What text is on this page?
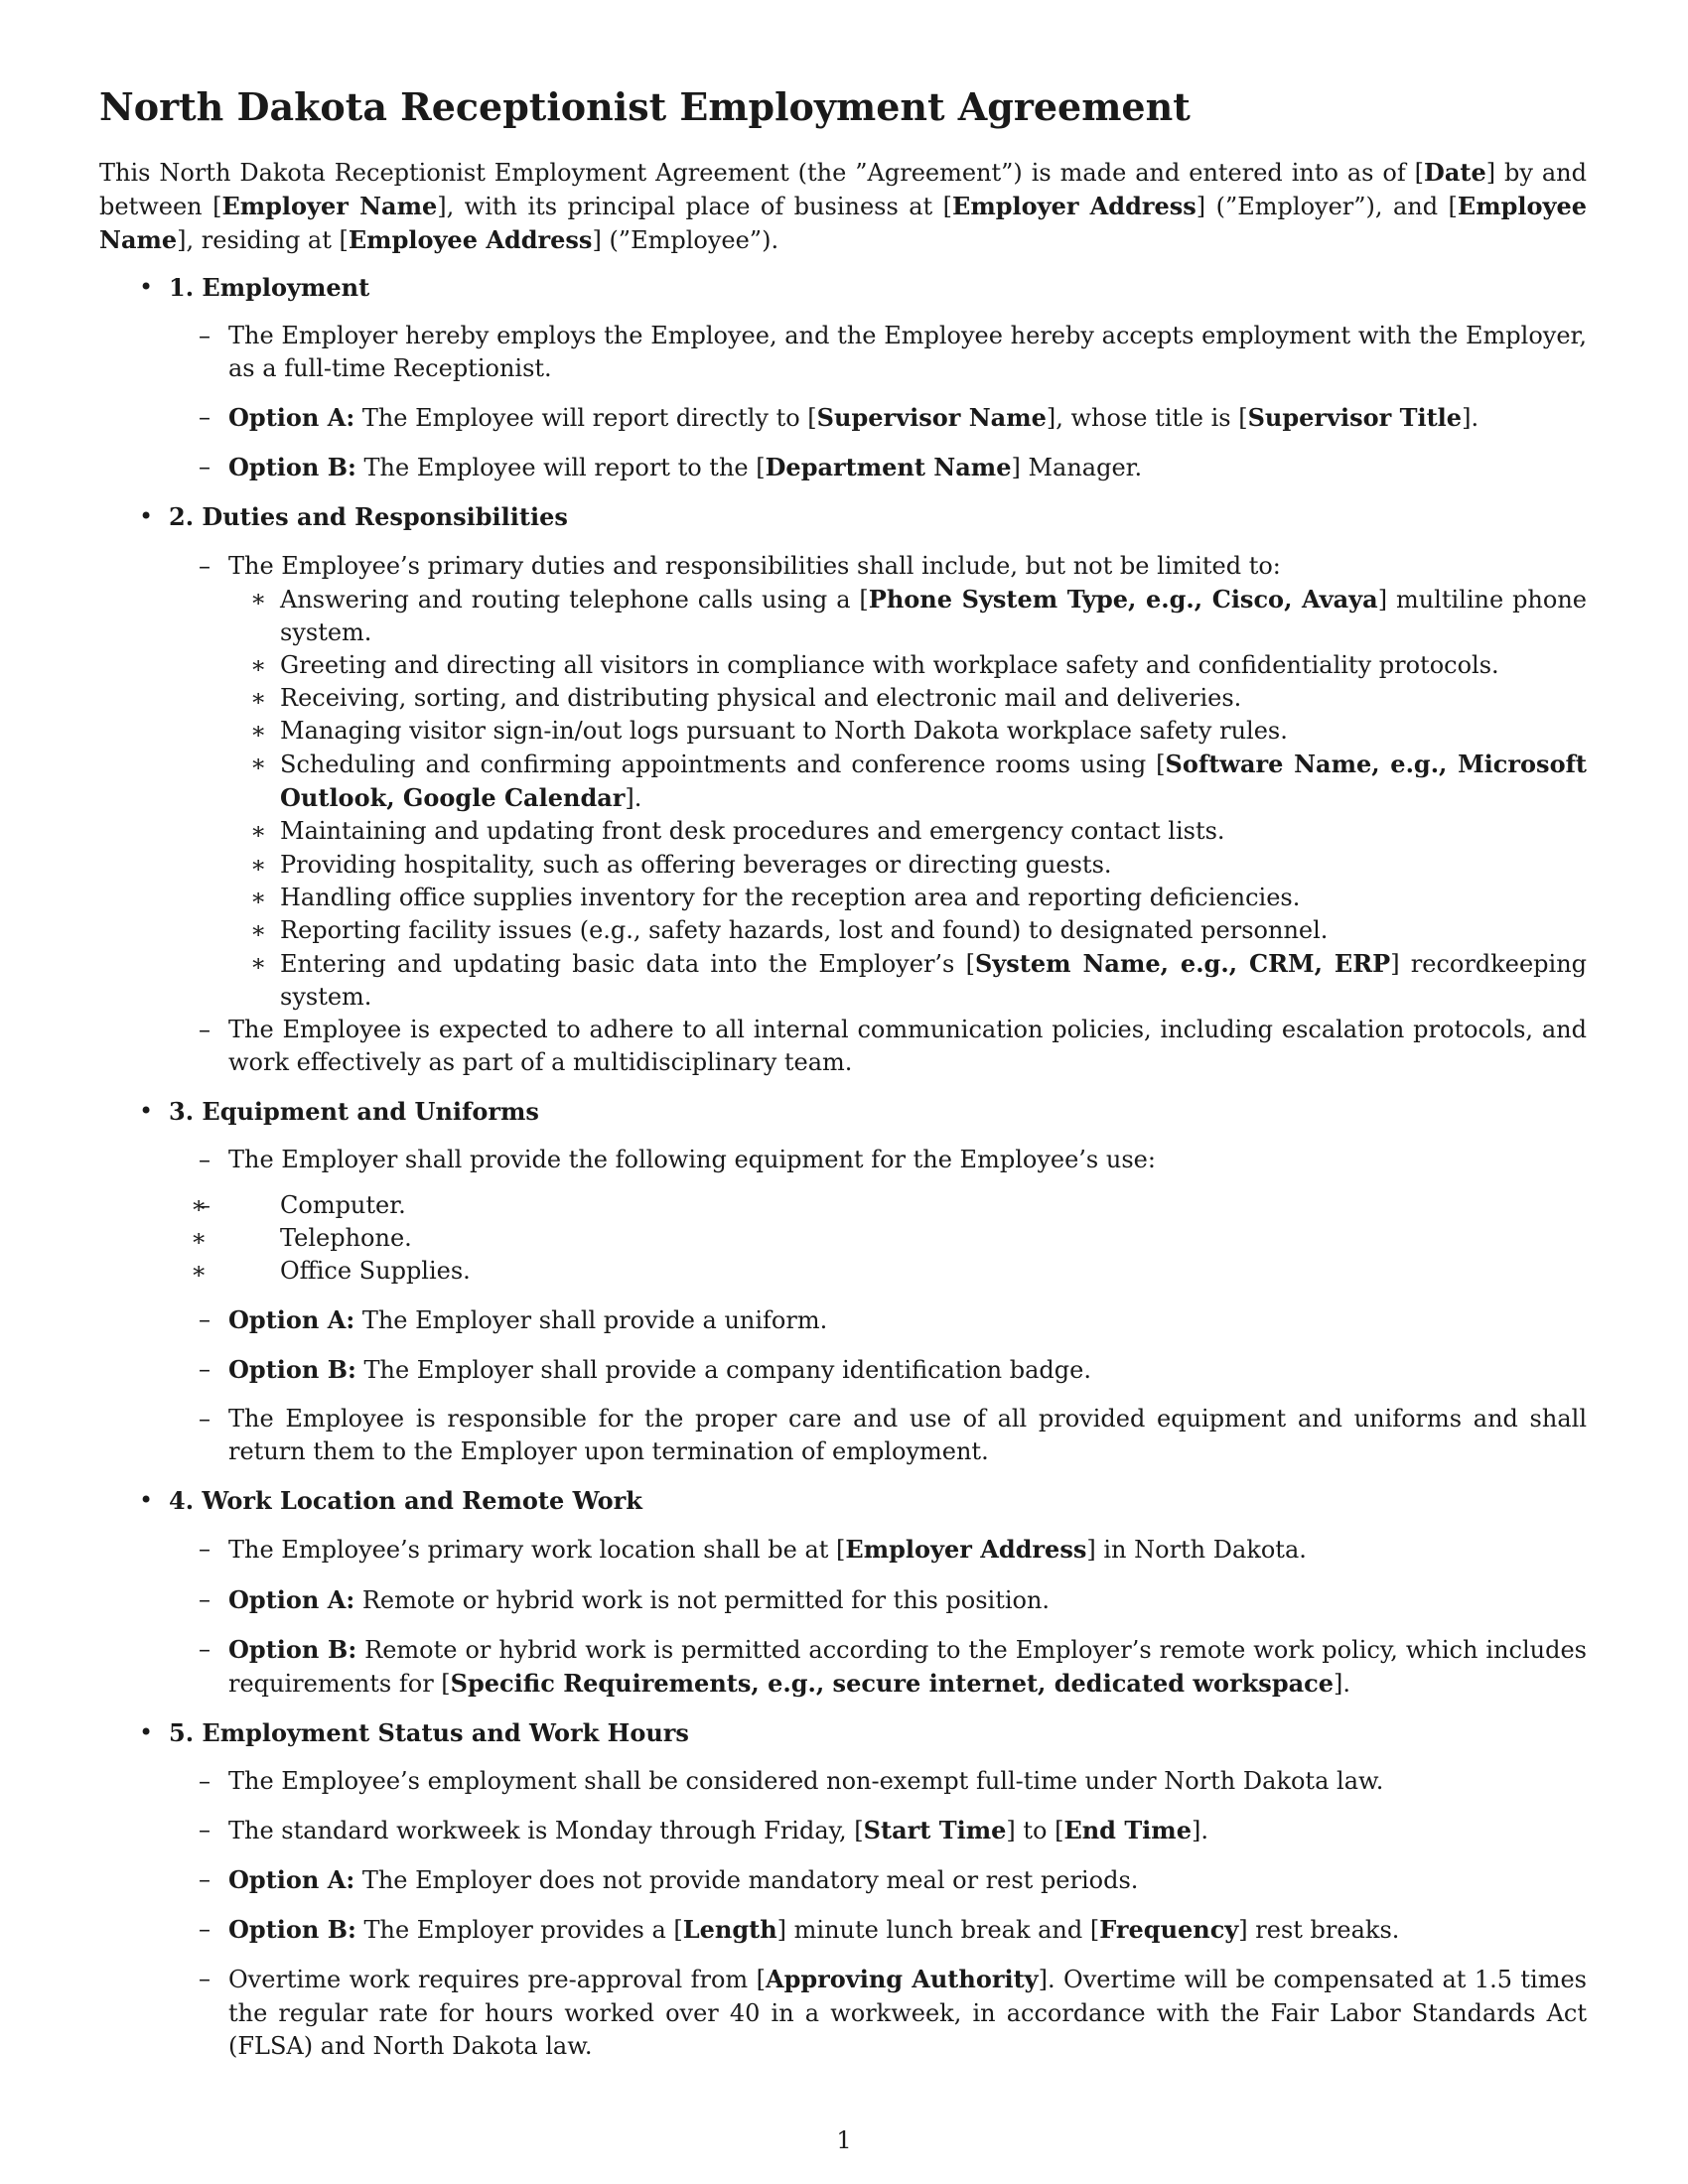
North Dakota Receptionist Employment Agreement

This North Dakota Receptionist Employment Agreement (the ”Agreement”) is made and entered into as of [Date] by and between [Employer Name], with its principal place of business at [Employer Address] (”Employer”), and [Employee Name], residing at [Employee Address] (”Employee”).

• 1. Employment
– The Employer hereby employs the Employee, and the Employee hereby accepts employment with the Employer, as a full-time Receptionist.
– Option A: The Employee will report directly to [Supervisor Name], whose title is [Supervisor Title].
– Option B: The Employee will report to the [Department Name] Manager.
• 2. Duties and Responsibilities
– The Employee’s primary duties and responsibilities shall include, but not be limited to:
∗ Answering and routing telephone calls using a [Phone System Type, e.g., Cisco, Avaya] multiline phone system.
∗ Greeting and directing all visitors in compliance with workplace safety and confidentiality protocols.
∗ Receiving, sorting, and distributing physical and electronic mail and deliveries.
∗ Managing visitor sign-in/out logs pursuant to North Dakota workplace safety rules.
∗ Scheduling and confirming appointments and conference rooms using [Software Name, e.g., Microsoft Outlook, Google Calendar].
∗ Maintaining and updating front desk procedures and emergency contact lists.
∗ Providing hospitality, such as offering beverages or directing guests.
∗ Handling office supplies inventory for the reception area and reporting deficiencies.
∗ Reporting facility issues (e.g., safety hazards, lost and found) to designated personnel.
∗ Entering and updating basic data into the Employer’s [System Name, e.g., CRM, ERP] recordkeeping system.
– The Employee is expected to adhere to all internal communication policies, including escalation protocols, and work effectively as part of a multidisciplinary team.
• 3. Equipment and Uniforms
– The Employer shall provide the following equipment for the Employee’s use:
∗ – Computer.
∗ Telephone.
∗ Office Supplies.
– Option A: The Employer shall provide a uniform.
– Option B: The Employer shall provide a company identification badge.
– The Employee is responsible for the proper care and use of all provided equipment and uniforms and shall return them to the Employer upon termination of employment.
• 4. Work Location and Remote Work
– The Employee’s primary work location shall be at [Employer Address] in North Dakota.
– Option A: Remote or hybrid work is not permitted for this position.
– Option B: Remote or hybrid work is permitted according to the Employer’s remote work policy, which includes requirements for [Specific Requirements, e.g., secure internet, dedicated workspace].
• 5. Employment Status and Work Hours
– The Employee’s employment shall be considered non-exempt full-time under North Dakota law.
– The standard workweek is Monday through Friday, [Start Time] to [End Time].
– Option A: The Employer does not provide mandatory meal or rest periods.
– Option B: The Employer provides a [Length] minute lunch break and [Frequency] rest breaks.
– Overtime work requires pre-approval from [Approving Authority]. Overtime will be compensated at 1.5 times the regular rate for hours worked over 40 in a workweek, in accordance with the Fair Labor Standards Act (FLSA) and North Dakota law.
1
